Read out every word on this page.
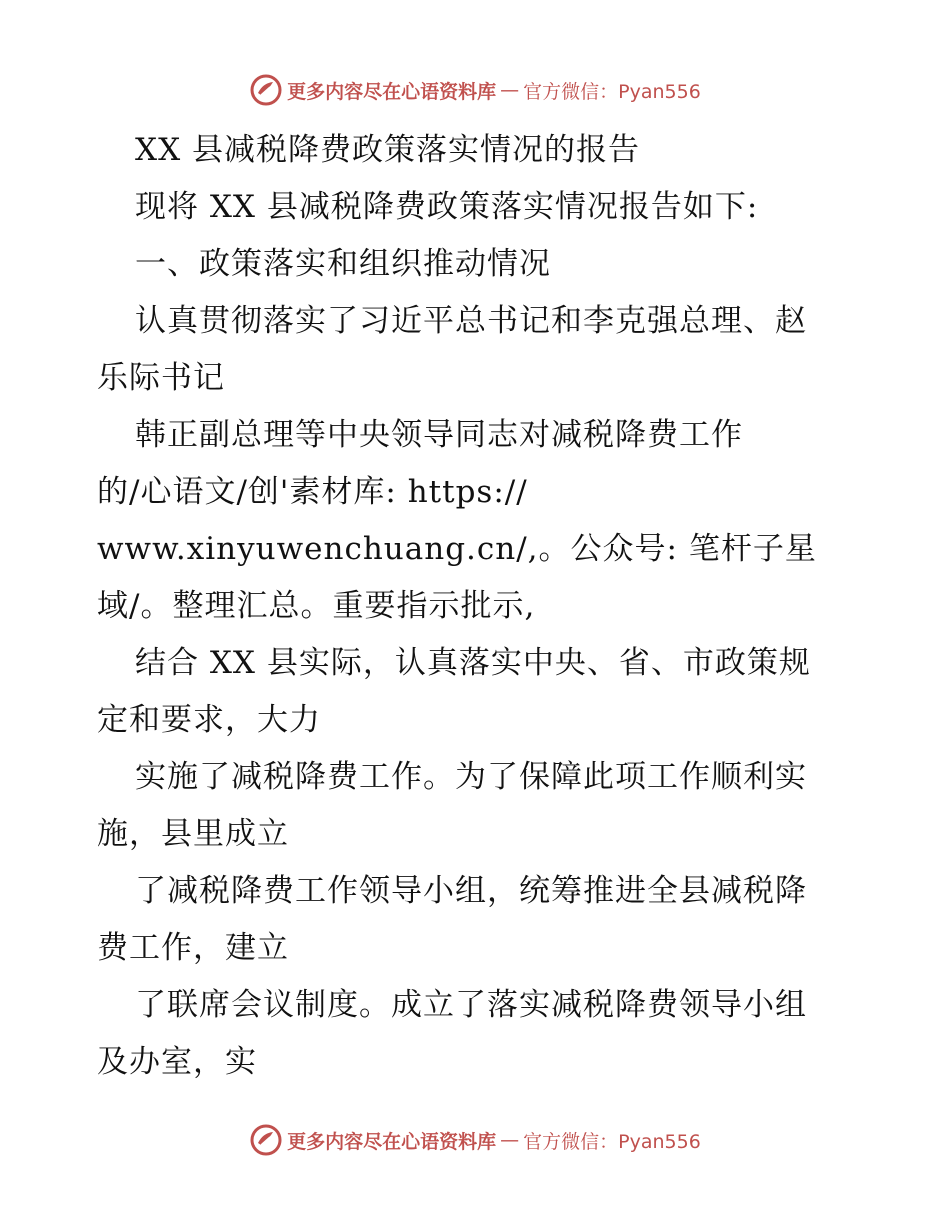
更多内容尽在心语资料库 — 官方微信：Pyan556
XX 县减税降费政策落实情况的报告
现将 XX 县减税降费政策落实情况报告如下:
一、政策落实和组织推动情况
认真贯彻落实了习近平总书记和李克强总理、赵
乐际书记
韩正副总理等中央领导同志对减税降费工作
的/心语文/创'素材库: https://
www.xinyuwenchuang.cn/,。公众号: 笔杆子星
域/。整理汇总。重要指示批示,
结合 XX 县实际，认真落实中央、省、市政策规
定和要求，大力
实施了减税降费工作。为了保障此项工作顺利实
施，县里成立
了减税降费工作领导小组，统筹推进全县减税降
费工作，建立
了联席会议制度。成立了落实减税降费领导小组
及办室，实
更多内容尽在心语资料库 — 官方微信：Pyan556
